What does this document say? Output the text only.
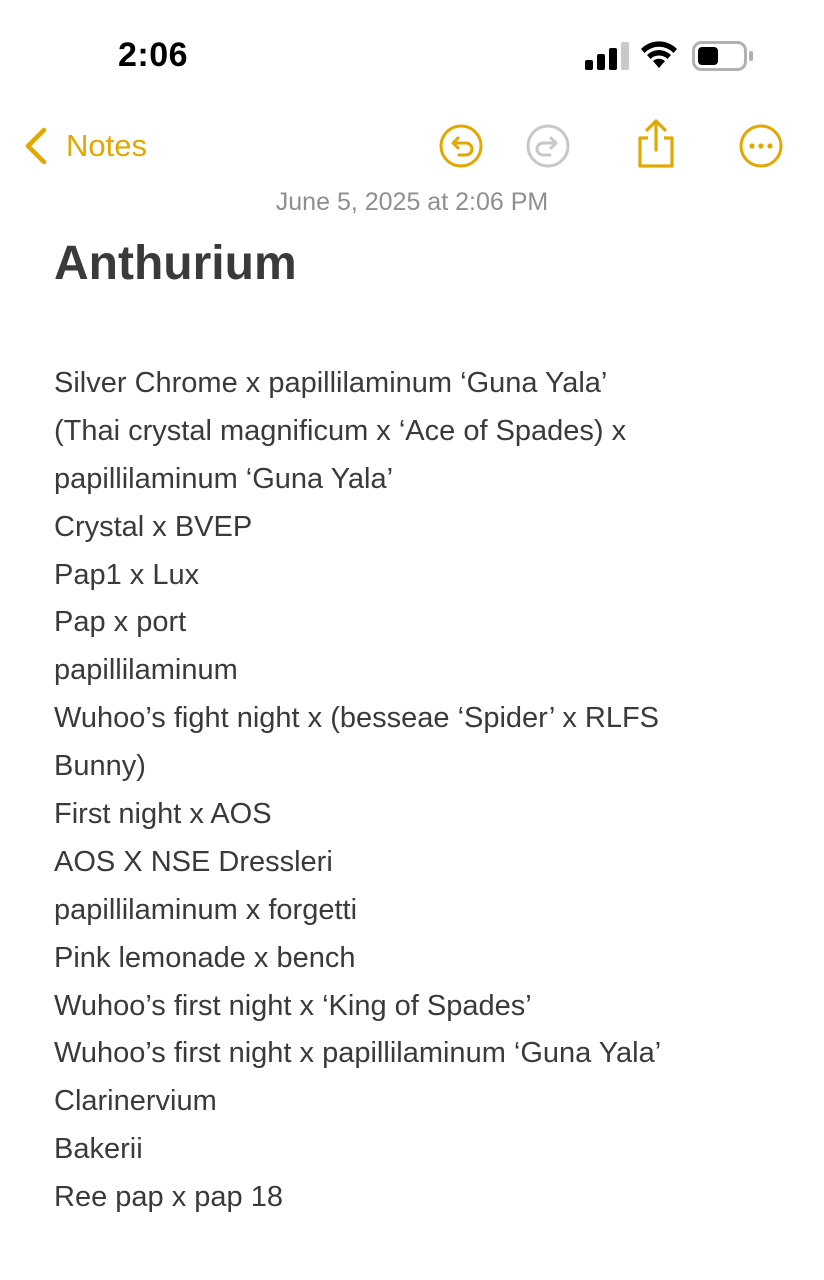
2:06
Notes
June 5, 2025 at 2:06 PM
Anthurium
Silver Chrome x papillilaminum ‘Guna Yala’
(Thai crystal magnificum x ‘Ace of Spades) x
papillilaminum ‘Guna Yala’
Crystal x BVEP
Pap1 x Lux
Pap x port
papillilaminum
Wuhoo’s fight night x (besseae ‘Spider’ x RLFS
Bunny)
First night x AOS
AOS X NSE Dressleri
papillilaminum x forgetti
Pink lemonade x bench
Wuhoo’s first night x ‘King of Spades’
Wuhoo’s first night x papillilaminum ‘Guna Yala’
Clarinervium
Bakerii
Ree pap x pap 18
